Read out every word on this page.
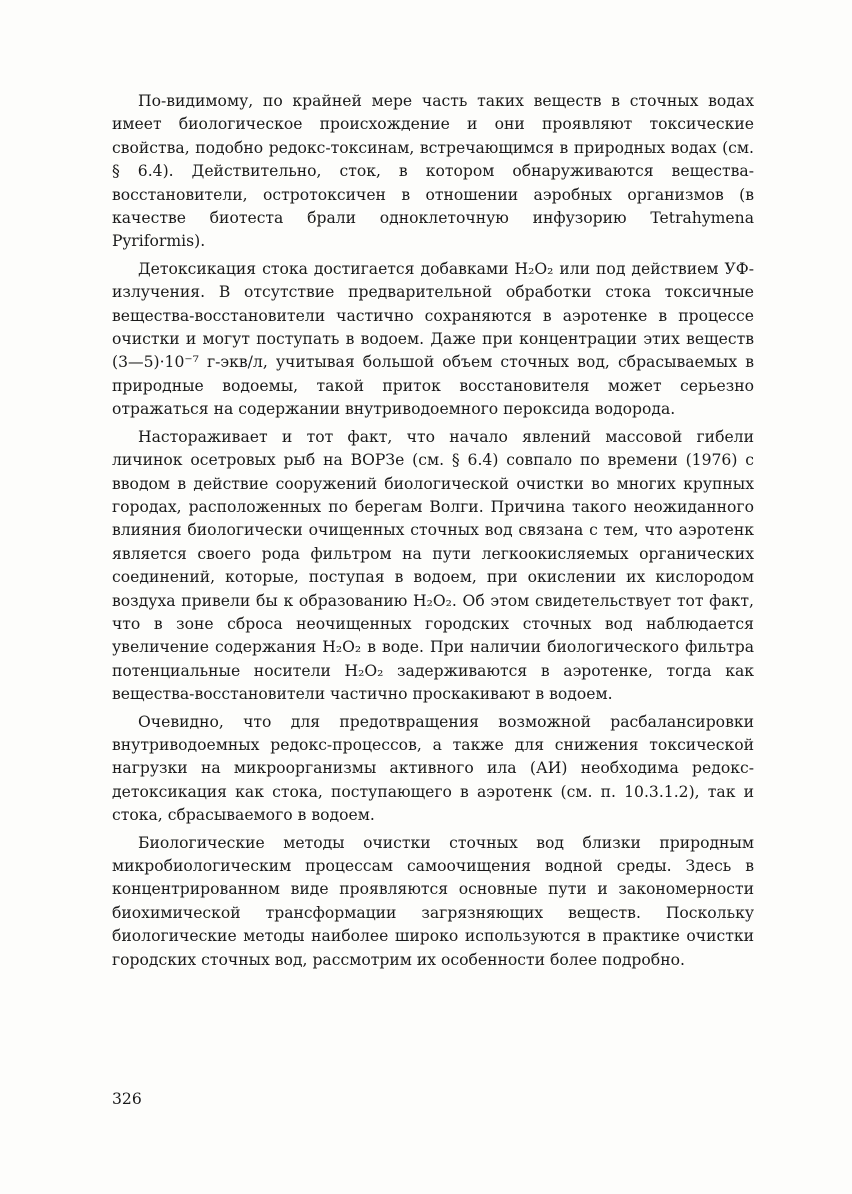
По-видимому, по крайней мере часть таких веществ в сточных водах имеет биологическое происхождение и они проявляют токсические свойства, подобно редокс-токсинам, встречающимся в природных водах (см. § 6.4). Действительно, сток, в котором обнаруживаются вещества-восстановители, остротоксичен в отношении аэробных организмов (в качестве биотеста брали одноклеточную инфузорию Tetrahymena Pyriformis).

Детоксикация стока достигается добавками H₂O₂ или под действием УФ-излучения. В отсутствие предварительной обработки стока токсичные вещества-восстановители частично сохраняются в аэротенке в процессе очистки и могут поступать в водоем. Даже при концентрации этих веществ (3—5)·10⁻⁷ г-экв/л, учитывая большой объем сточных вод, сбрасываемых в природные водоемы, такой приток восстановителя может серьезно отражаться на содержании внутриводоемного пероксида водорода.

Настораживает и тот факт, что начало явлений массовой гибели личинок осетровых рыб на ВОРЗе (см. § 6.4) совпало по времени (1976) с вводом в действие сооружений биологической очистки во многих крупных городах, расположенных по берегам Волги. Причина такого неожиданного влияния биологически очищенных сточных вод связана с тем, что аэротенк является своего рода фильтром на пути легкоокисляемых органических соединений, которые, поступая в водоем, при окислении их кислородом воздуха привели бы к образованию H₂O₂. Об этом свидетельствует тот факт, что в зоне сброса неочищенных городских сточных вод наблюдается увеличение содержания H₂O₂ в воде. При наличии биологического фильтра потенциальные носители H₂O₂ задерживаются в аэротенке, тогда как вещества-восстановители частично проскакивают в водоем.

Очевидно, что для предотвращения возможной расбалансировки внутриводоемных редокс-процессов, а также для снижения токсической нагрузки на микроорганизмы активного ила (АИ) необходима редокс-детоксикация как стока, поступающего в аэротенк (см. п. 10.3.1.2), так и стока, сбрасываемого в водоем.

Биологические методы очистки сточных вод близки природным микробиологическим процессам самоочищения водной среды. Здесь в концентрированном виде проявляются основные пути и закономерности биохимической трансформации загрязняющих веществ. Поскольку биологические методы наиболее широко используются в практике очистки городских сточных вод, рассмотрим их особенности более подробно.

326
